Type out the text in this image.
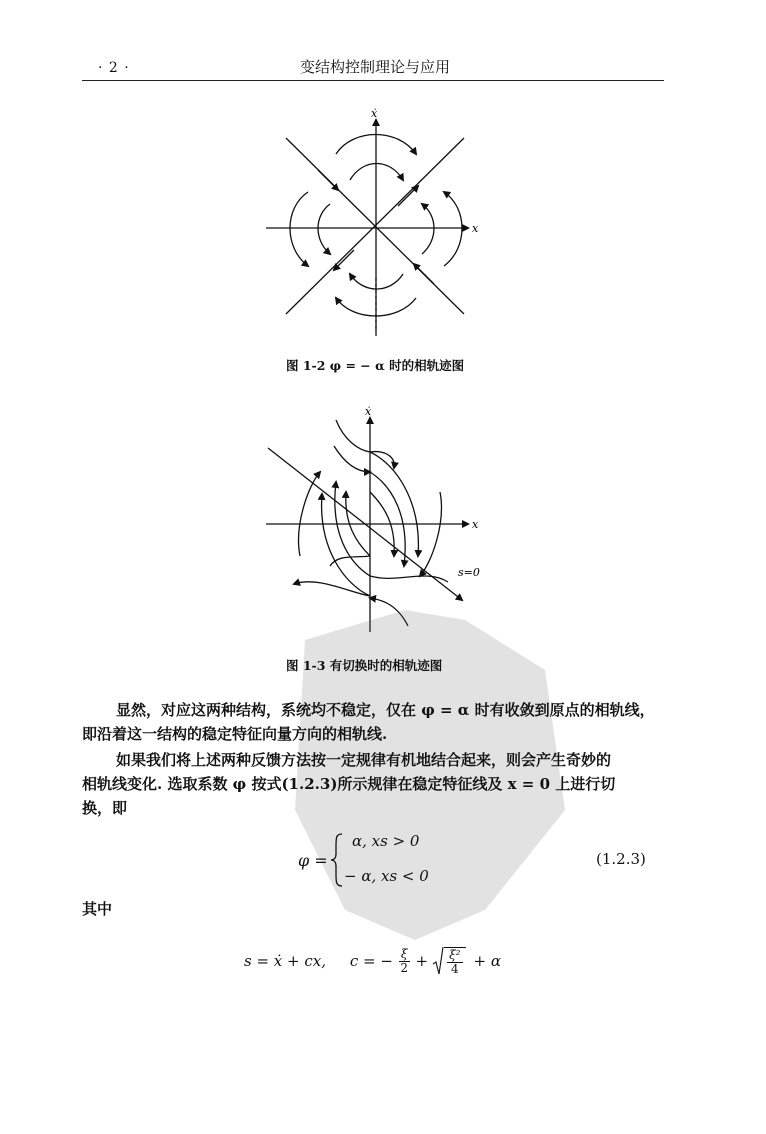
· 2 ·	变结构控制理论与应用
x
ẋ
图 1-2 φ = − α 时的相轨迹图
x
ẋ
s=0
图 1-3 有切换时的相轨迹图
显然，对应这两种结构，系统均不稳定，仅在 φ = α 时有收敛到原点的相轨线，
即沿着这一结构的稳定特征向量方向的相轨线.
如果我们将上述两种反馈方法按一定规律有机地结合起来，则会产生奇妙的
相轨线变化. 选取系数 φ 按式(1.2.3)所示规律在稳定特征线及 x = 0 上进行切
换，即
φ =
α, xs > 0
− α, xs < 0
(1.2.3)
其中
s = ẋ + cx,     c = − $\frac{\xi}{2} + \frac{\text{ξ²}}{4} + \alpha$
